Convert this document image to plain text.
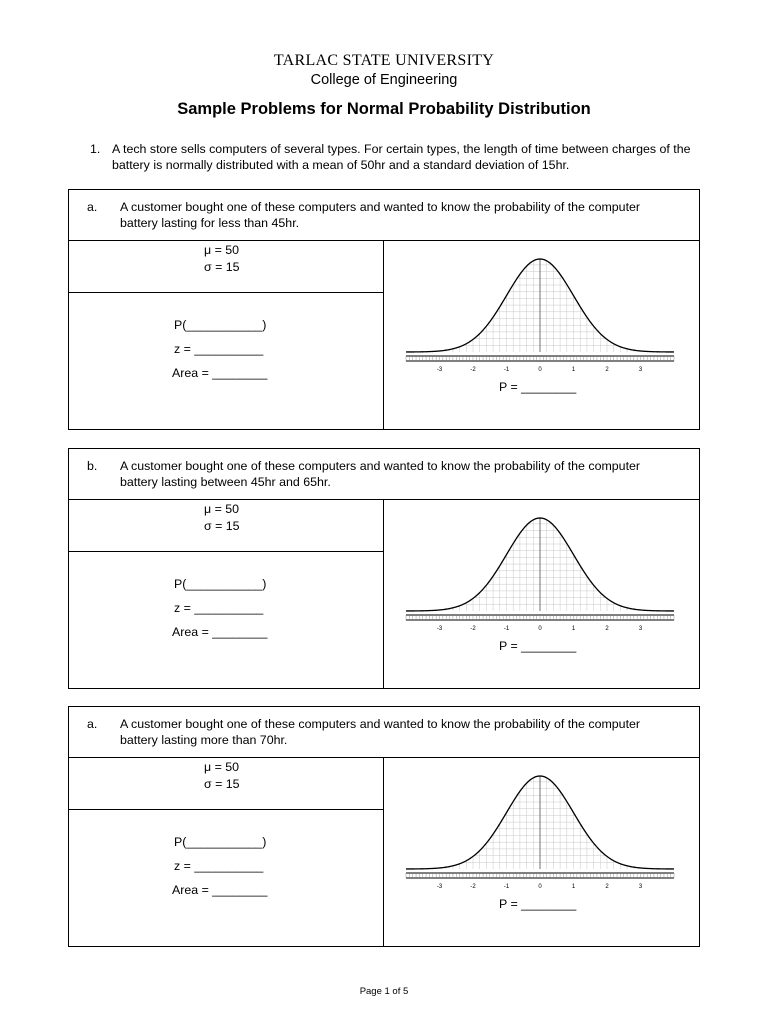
TARLAC STATE UNIVERSITY
College of Engineering
Sample Problems for Normal Probability Distribution
1. A tech store sells computers of several types. For certain types, the length of time between charges of the battery is normally distributed with a mean of 50hr and a standard deviation of 15hr.
a. A customer bought one of these computers and wanted to know the probability of the computer battery lasting for less than 45hr.
μ = 50
σ = 15
P(___________)
z = __________
Area = ________	-3	-2	-1	0	1	2	3
P = ________
b. A customer bought one of these computers and wanted to know the probability of the computer battery lasting between 45hr and 65hr.
μ = 50
σ = 15
P(___________)
z = __________
Area = ________	-3	-2	-1	0	1	2	3
P = ________
a. A customer bought one of these computers and wanted to know the probability of the computer battery lasting more than 70hr.
μ = 50
σ = 15
P(___________)
z = __________
Area = ________	-3	-2	-1	0	1	2	3
P = ________
Page 1 of 5
